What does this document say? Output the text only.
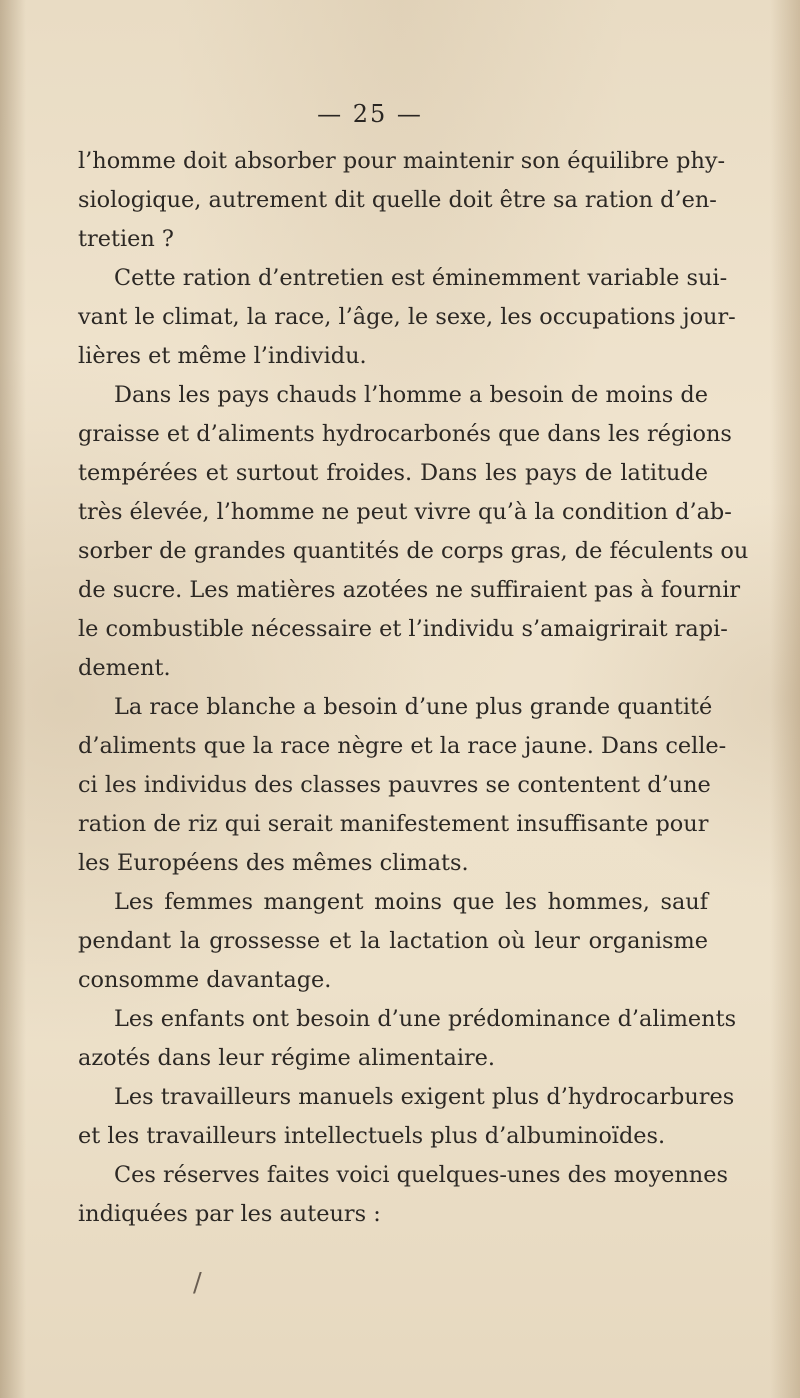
— 25 —
l’homme doit absorber pour maintenir son équilibre phy-
siologique, autrement dit quelle doit être sa ration d’en-
tretien ?
Cette ration d’entretien est éminemment variable sui-
vant le climat, la race, l’âge, le sexe, les occupations jour-
lières et même l’individu.
Dans les pays chauds l’homme a besoin de moins de
graisse et d’aliments hydrocarbonés que dans les régions
tempérées et surtout froides. Dans les pays de latitude
très élevée, l’homme ne peut vivre qu’à la condition d’ab-
sorber de grandes quantités de corps gras, de féculents ou
de sucre. Les matières azotées ne suffiraient pas à fournir
le combustible nécessaire et l’individu s’amaigrirait rapi-
dement.
La race blanche a besoin d’une plus grande quantité
d’aliments que la race nègre et la race jaune. Dans celle-
ci les individus des classes pauvres se contentent d’une
ration de riz qui serait manifestement insuffisante pour
les Européens des mêmes climats.
Les femmes mangent moins que les hommes, sauf
pendant la grossesse et la lactation où leur organisme
consomme davantage.
Les enfants ont besoin d’une prédominance d’aliments
azotés dans leur régime alimentaire.
Les travailleurs manuels exigent plus d’hydrocarbures
et les travailleurs intellectuels plus d’albuminoïdes.
Ces réserves faites voici quelques-unes des moyennes
indiquées par les auteurs :
/
